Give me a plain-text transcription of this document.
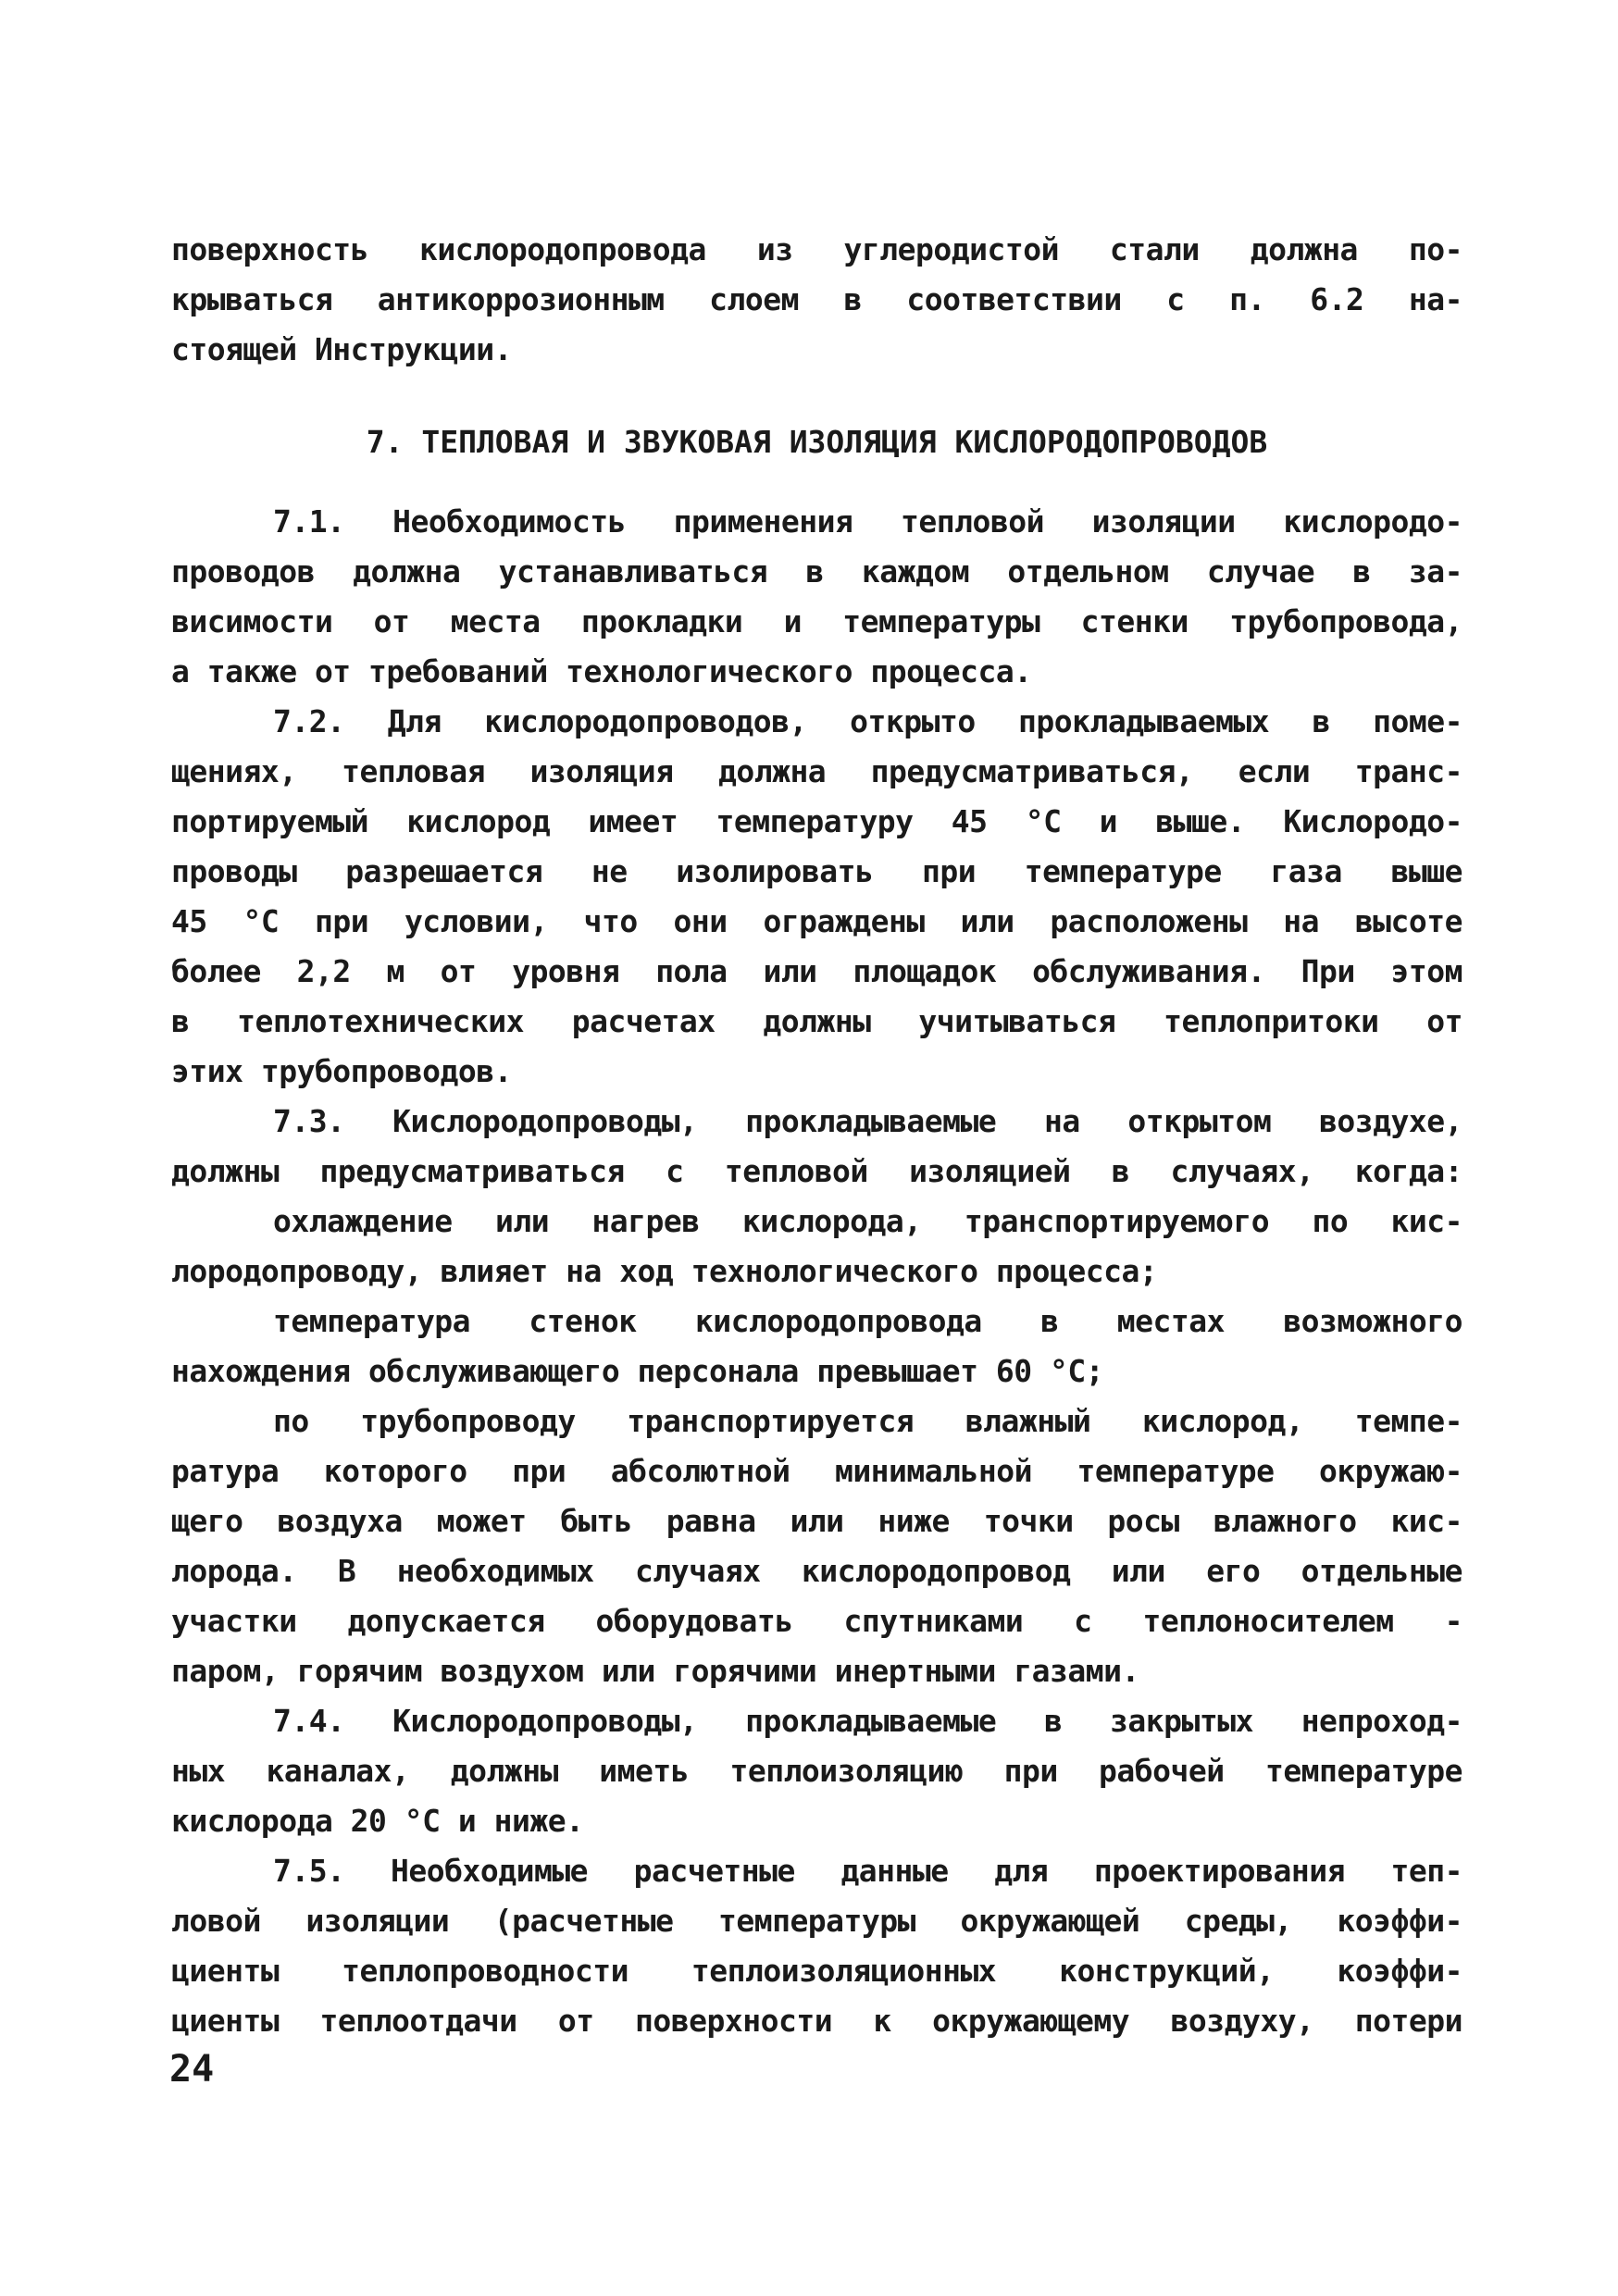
поверхность кислородопровода из углеродистой стали должна по-
крываться антикоррозионным слоем в соответствии с п. 6.2 на-
стоящей Инструкции.
7. ТЕПЛОВАЯ И ЗВУКОВАЯ ИЗОЛЯЦИЯ КИСЛОРОДОПРОВОДОВ
7.1. Необходимость применения тепловой изоляции кислородо-
проводов должна устанавливаться в каждом отдельном случае в за-
висимости от места прокладки и температуры стенки трубопровода,
а также от требований технологического процесса.
7.2. Для кислородопроводов, открыто прокладываемых в поме-
щениях, тепловая изоляция должна предусматриваться, если транс-
портируемый кислород имеет температуру 45 °С и выше. Кислородо-
проводы разрешается не изолировать при температуре газа выше
45 °С при условии, что они ограждены или расположены на высоте
более 2,2 м от уровня пола или площадок обслуживания. При этом
в теплотехнических расчетах должны учитываться теплопритоки от
этих трубопроводов.
7.3. Кислородопроводы, прокладываемые на открытом воздухе,
должны предусматриваться с тепловой изоляцией в случаях, когда:
охлаждение или нагрев кислорода, транспортируемого по кис-
лородопроводу, влияет на ход технологического процесса;
температура стенок кислородопровода в местах возможного
нахождения обслуживающего персонала превышает 60 °С;
по трубопроводу транспортируется влажный кислород, темпе-
ратура которого при абсолютной минимальной температуре окружаю-
щего воздуха может быть равна или ниже точки росы влажного кис-
лорода. В необходимых случаях кислородопровод или его отдельные
участки допускается оборудовать спутниками с теплоносителем -
паром, горячим воздухом или горячими инертными газами.
7.4. Кислородопроводы, прокладываемые в закрытых непроход-
ных каналах, должны иметь теплоизоляцию при рабочей температуре
кислорода 20 °С и ниже.
7.5. Необходимые расчетные данные для проектирования теп-
ловой изоляции (расчетные температуры окружающей среды, коэффи-
циенты теплопроводности теплоизоляционных конструкций, коэффи-
циенты теплоотдачи от поверхности к окружающему воздуху, потери
24
